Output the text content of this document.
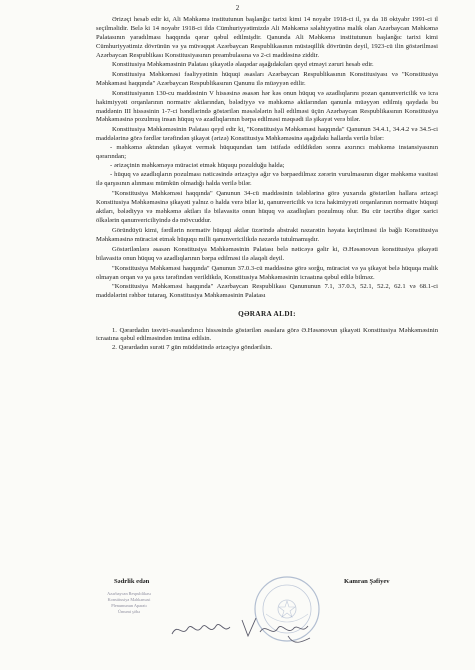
2

Ərizəçi hesab edir ki, Ali Məhkəmə institutunun başlanğıc tarixi kimi 14 noyabr 1918-ci il, ya da 18 oktyabr 1991-ci il seçilməlidir. Belə ki 14 noyabr 1918-ci ildə Cümhuriyyətimizdə Ali Məhkəmə səlahiyyətinə malik olan Azərbaycan Məhkəmə Palatasının yaradılması haqqında qərar qəbul edilmişdir. Qanunda Ali Məhkəmə institutunun başlanğıc tarixi kimi Cümhuriyyətimiz dövrünün və ya müvəqqət Azərbaycan Respublikasının müstəqillik dövrünün deyil, 1923-cü ilin göstərilməsi Azərbaycan Respublikası Konstitusiyasının preambulasına və 2-ci maddəsinə ziddir.

Konstitusiya Məhkəməsinin Palatası şikayətlə əlaqədar aşağıdakıları qeyd etməyi zəruri hesab edir.

Konstitusiya Məhkəməsi fəaliyyətinin hüquqi əsasları Azərbaycan Respublikasının Konstitusiyası və "Konstitusiya Məhkəməsi haqqında" Azərbaycan Respublikasının Qanunu ilə müəyyən edilir.

Konstitusiyanın 130-cu maddəsinin V hissəsinə əsasən hər kəs onun hüquq və azadlıqlarını pozan qanunvericilik və icra hakimiyyəti orqanlarının normativ aktlarından, bələdiyyə və məhkəmə aktlarından qanunla müəyyən edilmiş qaydada bu maddənin III hissəsinin 1-7-ci bəndlərində göstərilən məsələlərin həll edilməsi üçün Azərbaycan Respublikasının Konstitusiya Məhkəməsinə pozulmuş insan hüquq və azadlıqlarının bərpa edilməsi məqsədi ilə şikayət verə bilər.

Konstitusiya Məhkəməsinin Palatası qeyd edir ki, "Konstitusiya Məhkəməsi haqqında" Qanunun 34.4.1, 34.4.2 və 34.5-ci maddələrinə görə fərdlər tərəfindən şikayət (ərizə) Konstitusiya Məhkəməsinə aşağıdakı hallarda verilə bilər:

- məhkəmə aktından şikayət vermək hüququndan tam istifadə edildikdən sonra axırıncı məhkəmə instansiyasının qərarından;

- ərizəçinin məhkəməyə müraciət etmək hüququ pozulduğu halda;

- hüquq və azadlıqların pozulması nəticəsində ərizəçiyə ağır və bərpaedilməz zərərin vurulmasının digər məhkəmə vasitəsi ilə qarşısının alınması mümkün olmadığı halda verilə bilər.

"Konstitusiya Məhkəməsi haqqında" Qanunun 34-cü maddəsinin tələblərinə görə yuxarıda göstərilən hallara ərizəçi Konstitusiya Məhkəməsinə şikayəti yalnız o halda verə bilər ki, qanunvericilik və icra hakimiyyəti orqanlarının normativ hüquqi aktları, bələdiyyə və məhkəmə aktları ilə bilavasitə onun hüquq və azadlıqları pozulmuş olur. Bu cür təcrübə digər xarici ölkələrin qanunvericiliyində də mövcuddur.

Göründüyü kimi, fərdlərin normativ hüquqi aktlar üzərində abstrakt nəzarətin həyata keçirilməsi ilə bağlı Konstitusiya Məhkəməsinə müraciət etmək hüququ milli qanunvericilikdə nəzərdə tutulmamışdır.

Göstərilənlərə əsasən Konstitusiya Məhkəməsinin Palatası belə nəticəyə gəlir ki, Ə.Həsənovun konstitusiya şikayəti bilavasitə onun hüquq və azadlıqlarının bərpa edilməsi ilə əlaqəli deyil.

"Konstitusiya Məhkəməsi haqqında" Qanunun 37.0.3-cü maddəsinə görə sorğu, müraciət və ya şikayət belə hüquqa malik olmayan orqan və ya şəxs tərəfindən verildikdə, Konstitusiya Məhkəməsinin icraatına qəbul edilə bilməz.

"Konstitusiya Məhkəməsi haqqında" Azərbaycan Respublikası Qanununun 7.1, 37.0.3, 52.1, 52.2, 62.1 və 68.1-ci maddələrini rəhbər tutaraq, Konstitusiya Məhkəməsinin Palatası

QƏRARA ALDI:

1. Qərardadın təsviri-əsaslandırıcı hissəsində göstərilən əsaslara görə Ə.Həsənovun şikayəti Konstitusiya Məhkəməsinin icraatına qəbul edilməsindən imtina edilsin.

2. Qərardadın surəti 7 gün müddətində ərizəçiyə göndərilsin.

Sədrlik edən	Kamran Şəfiyev
Azərbaycan Respublikası
Konstitusiya Məhkəməsi
Plenumunun Aparatı
Ümumi şöbə
